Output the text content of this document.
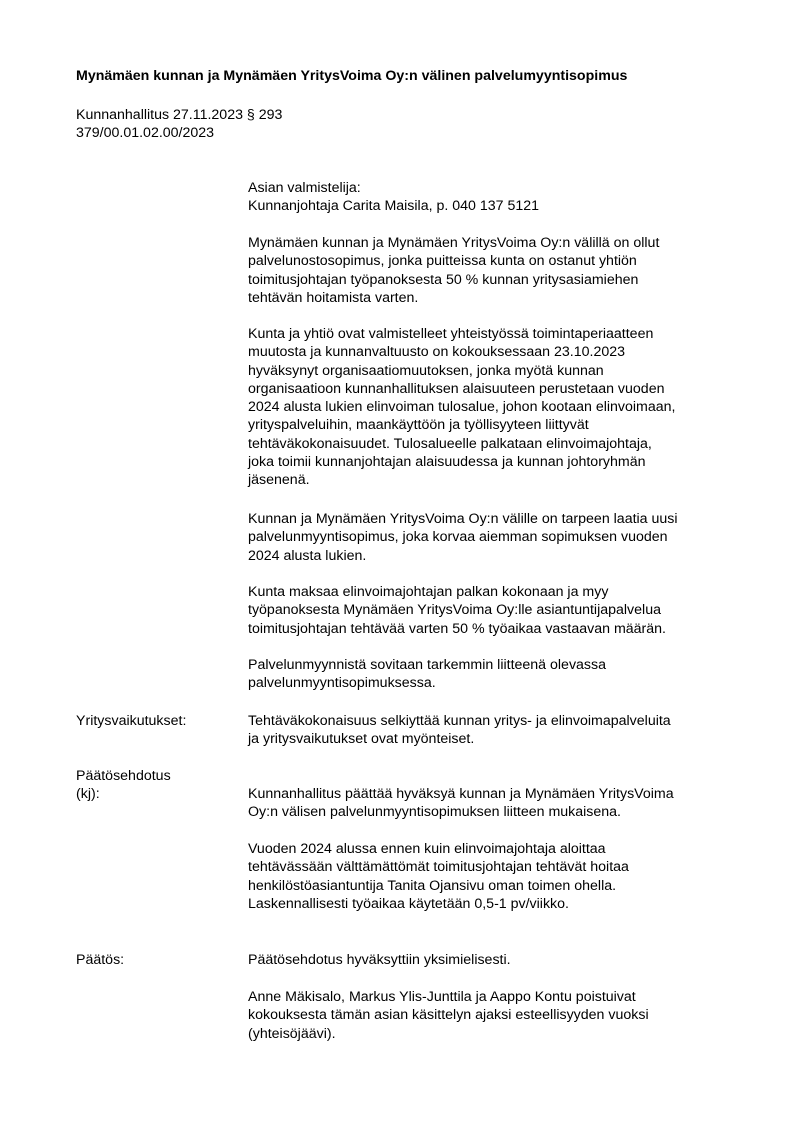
Mynämäen kunnan ja Mynämäen YritysVoima Oy:n välinen palvelumyyntisopimus
Kunnanhallitus 27.11.2023 § 293
379/00.01.02.00/2023
Asian valmistelija:
Kunnanjohtaja Carita Maisila, p. 040 137 5121
Mynämäen kunnan ja Mynämäen YritysVoima Oy:n välillä on ollut
palvelunostosopimus, jonka puitteissa kunta on ostanut yhtiön
toimitusjohtajan työpanoksesta 50 % kunnan yritysasiamiehen
tehtävän hoitamista varten.
Kunta ja yhtiö ovat valmistelleet yhteistyössä toimintaperiaatteen
muutosta ja kunnanvaltuusto on kokouksessaan 23.10.2023
hyväksynyt organisaatiomuutoksen, jonka myötä kunnan
organisaatioon kunnanhallituksen alaisuuteen perustetaan vuoden
2024 alusta lukien elinvoiman tulosalue, johon kootaan elinvoimaan,
yrityspalveluihin, maankäyttöön ja työllisyyteen liittyvät
tehtäväkokonaisuudet. Tulosalueelle palkataan elinvoimajohtaja,
joka toimii kunnanjohtajan alaisuudessa ja kunnan johtoryhmän
jäsenenä.
Kunnan ja Mynämäen YritysVoima Oy:n välille on tarpeen laatia uusi
palvelunmyyntisopimus, joka korvaa aiemman sopimuksen vuoden
2024 alusta lukien.
Kunta maksaa elinvoimajohtajan palkan kokonaan ja myy
työpanoksesta Mynämäen YritysVoima Oy:lle asiantuntijapalvelua
toimitusjohtajan tehtävää varten 50 % työaikaa vastaavan määrän.
Palvelunmyynnistä sovitaan tarkemmin liitteenä olevassa
palvelunmyyntisopimuksessa.
Yritysvaikutukset:	Tehtäväkokonaisuus selkiyttää kunnan yritys- ja elinvoimapalveluita
ja yritysvaikutukset ovat myönteiset.
Päätösehdotus
(kj):	Kunnanhallitus päättää hyväksyä kunnan ja Mynämäen YritysVoima
Oy:n välisen palvelunmyyntisopimuksen liitteen mukaisena.
Vuoden 2024 alussa ennen kuin elinvoimajohtaja aloittaa
tehtävässään välttämättömät toimitusjohtajan tehtävät hoitaa
henkilöstöasiantuntija Tanita Ojansivu oman toimen ohella.
Laskennallisesti työaikaa käytetään 0,5-1 pv/viikko.
Päätös:	Päätösehdotus hyväksyttiin yksimielisesti.
Anne Mäkisalo, Markus Ylis-Junttila ja Aappo Kontu poistuivat
kokouksesta tämän asian käsittelyn ajaksi esteellisyyden vuoksi
(yhteisöjäävi).
